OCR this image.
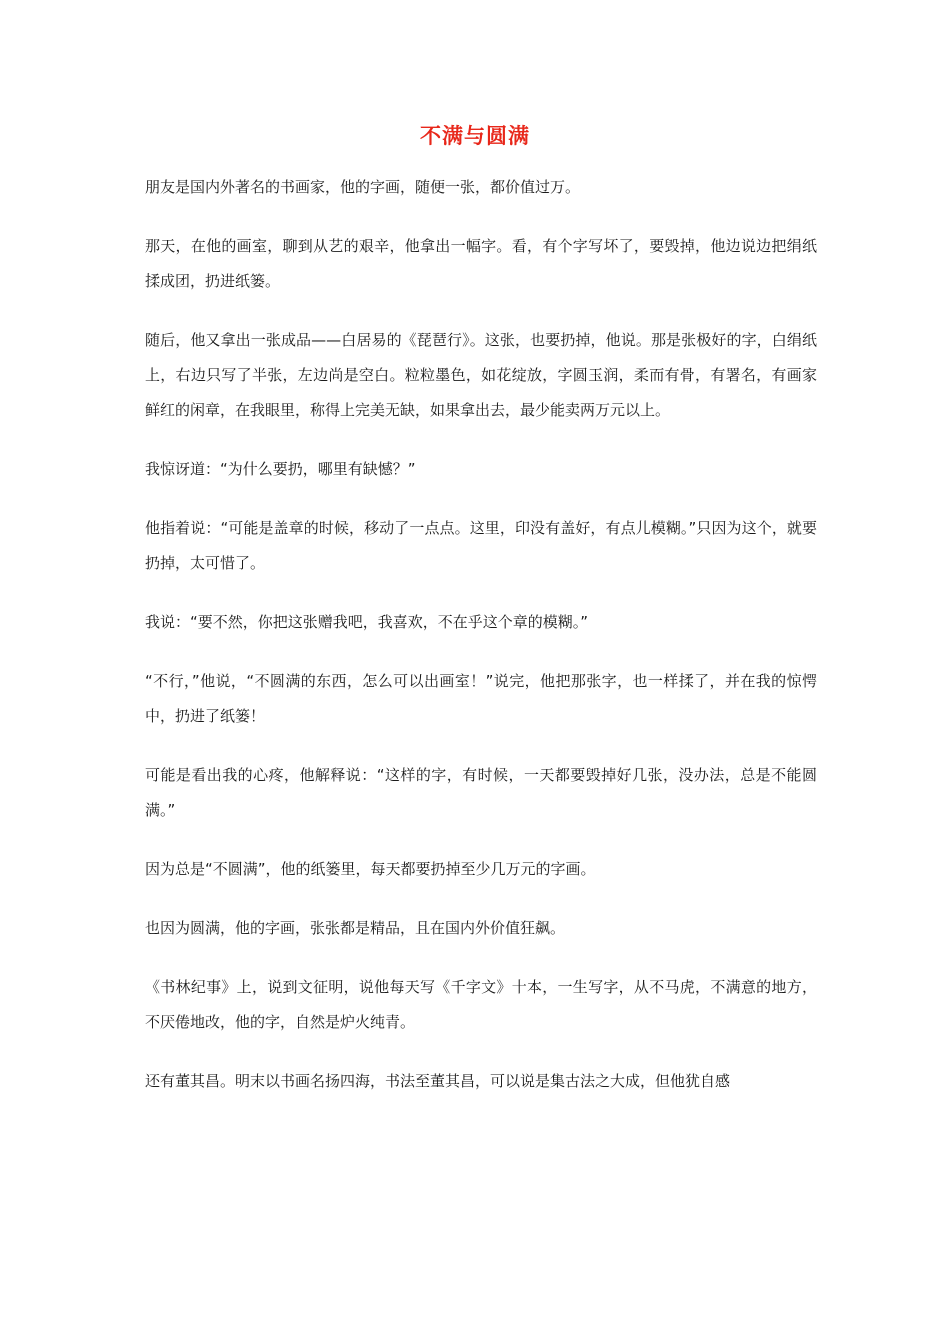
不满与圆满

朋友是国内外著名的书画家，他的字画，随便一张，都价值过万。

那天，在他的画室，聊到从艺的艰辛，他拿出一幅字。看，有个字写坏了，要毁掉，他边说边把绢纸揉成团，扔进纸篓。

随后，他又拿出一张成品——白居易的《琵琶行》。这张，也要扔掉，他说。那是张极好的字，白绢纸上，右边只写了半张，左边尚是空白。粒粒墨色，如花绽放，字圆玉润，柔而有骨，有署名，有画家鲜红的闲章，在我眼里，称得上完美无缺，如果拿出去，最少能卖两万元以上。

我惊讶道：“为什么要扔，哪里有缺憾？”

他指着说：“可能是盖章的时候，移动了一点点。这里，印没有盖好，有点儿模糊。”只因为这个，就要扔掉，太可惜了。

我说：“要不然，你把这张赠我吧，我喜欢，不在乎这个章的模糊。”

“不行，”他说，“不圆满的东西，怎么可以出画室！”说完，他把那张字，也一样揉了，并在我的惊愕中，扔进了纸篓！

可能是看出我的心疼，他解释说：“这样的字，有时候，一天都要毁掉好几张，没办法，总是不能圆满。”

因为总是“不圆满”，他的纸篓里，每天都要扔掉至少几万元的字画。

也因为圆满，他的字画，张张都是精品，且在国内外价值狂飙。

《书林纪事》上，说到文征明，说他每天写《千字文》十本，一生写字，从不马虎，不满意的地方，不厌倦地改，他的字，自然是炉火纯青。

还有董其昌。明末以书画名扬四海，书法至董其昌，可以说是集古法之大成，但他犹自感
